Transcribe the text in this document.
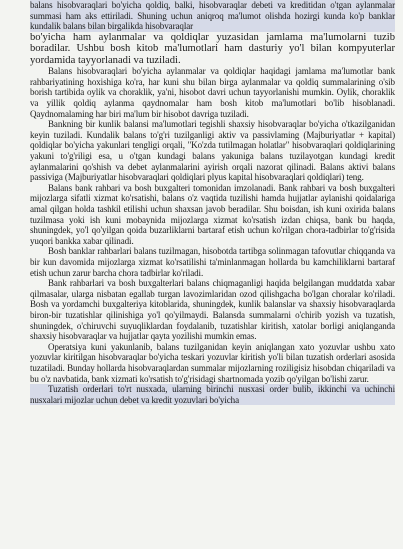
balans hisobvaraqlari bo'yicha qoldiq, balki, hisobvaraqlar debeti va kreditidan o'tgan aylanmalar summasi ham aks ettiriladi. Shuning uchun aniqroq ma'lumot olishda hozirgi kunda ko'p banklar kundalik balans bilan birgalikda hisobvaraqlar

bo'yicha ham aylanmalar va qoldiqlar yuzasidan jamlama ma'lumolarni tuzib boradilar. Ushbu bosh kitob ma'lumotlari ham dasturiy yo'l bilan kompyuterlar yordamida tayyorlanadi va tuziladi.

Balans hisobvaraqlari bo'yicha aylanmalar va qoldiqlar haqidagi jamlama ma'lumotlar bank rahbariyatining hoxishiga ko'ra, har kuni shu bilan birga aylanmalar va qoldiq summalarining o'sib borish tartibida oylik va choraklik, ya'ni, hisobot davri uchun tayyorlanishi mumkin. Oylik, choraklik va yillik qoldiq aylanma qaydnomalar ham bosh kitob ma'lumotlari bo'lib hisoblanadi. Qaydnomalaming har biri ma'lum bir hisobot davriga tuziladi.

Bankning bir kunlik balansi ma'lumotlari tegishli shaxsiy hisobvaraqlar bo'yicha o'tkazilganidan keyin tuziladi. Kundalik balans to'g'ri tuzilganligi aktiv va passivlaming (Majburiyatlar + kapital) qoldiqlar bo'yicha yakunlari tengligi orqali, "Ko'zda tutilmagan holatlar" hisobvaraqlari qoldiqlarining yakuni to'g'riligi esa, u o'tgan kundagi balans yakuniga balans tuzilayotgan kundagi kredit aylanmalarini qo'shish va debet aylanmalarini ayirish orqali nazorat qilinadi. Balans aktivi balans passiviga (Majburiyatlar hisobvaraqlari qoldiqlari plyus kapital hisobvaraqlari qoldiqlari) teng.

Balans bank rahbari va bosh buxgalteri tomonidan imzolanadi. Bank rahbari va bosh buxgalteri mijozlarga sifatli xizmat ko'rsatishi, balans o'z vaqtida tuzilishi hamda hujjatlar aylanishi qoidalariga amal qilgan holda tashkil etilishi uchun shaxsan javob beradilar. Shu boisdan, ish kuni oxirida balans tuzilmasa yoki ish kuni mobaynida mijozlarga xizmat ko'rsatish izdan chiqsa, bank bu haqda, shuningdek, yo'l qo'yilgan qoida buzarliklarni bartaraf etish uchun ko'rilgan chora-tadbirlar to'g'risida yuqori bankka xabar qilinadi.

Bosh banklar rahbarlari balans tuzilmagan, hisobotda tartibga solinmagan tafovutlar chiqqanda va bir kun davomida mijozlarga xizmat ko'rsatilishi ta'minlanmagan hollarda bu kamchiliklarni bartaraf etish uchun zarur barcha chora tadbirlar ko'riladi.

Bank rahbarlari va bosh buxgalterlari balans chiqmaganligi haqida belgilangan muddatda xabar qilmasalar, ularga nisbatan egallab turgan lavozimlaridan ozod qilishgacha bo'lgan choralar ko'riladi. Bosh va yordamchi buxgalteriya kitoblarida, shuningdek, kunlik balanslar va shaxsiy hisobvaraqlarda biron-bir tuzatishlar qilinishiga yo'l qo'yilmaydi. Balansda summalarni o'chirib yozish va tuzatish, shuningdek, o'chiruvchi suyuqliklardan foydalanib, tuzatishlar kiritish, xatolar borligi aniqlanganda shaxsiy hisobvaraqlar va hujjatlar qayta yozilishi mumkin emas.

Operatsiya kuni yakunlanib, balans tuzilganidan keyin aniqlangan xato yozuvlar ushbu xato yozuvlar kiritilgan hisobvaraqlar bo'yicha teskari yozuvlar kiritish yo'li bilan tuzatish orderlari asosida tuzatiladi. Bunday hollarda hisobvaraqlardan summalar mijozlarning roziligisiz hisobdan chiqariladi va bu o'z navbatida, bank xizmati ko'rsatish to'g'risidagi shartnomada yozib qo'yilgan bo'lishi zarur.

Tuzatish orderlari to'rt nusxada, ularning birinchi nusxasi order bulib, ikkinchi va uchinchi nusxalari mijozlar uchun debet va kredit yozuvlari bo'yicha
